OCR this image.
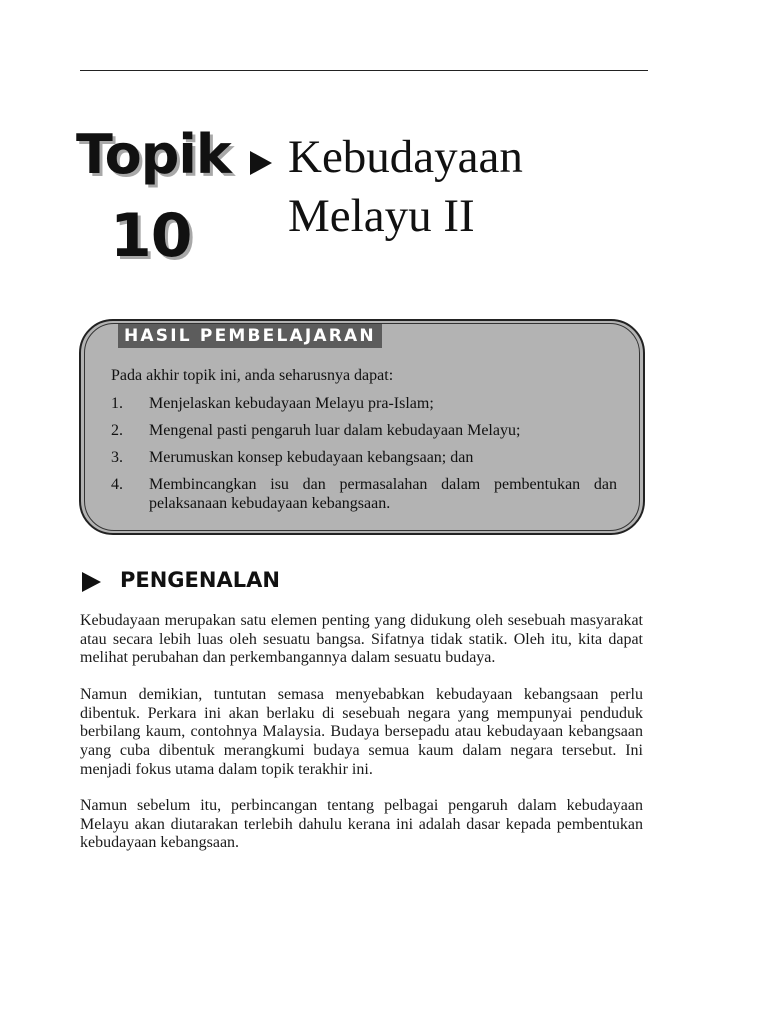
Topik
10
Kebudayaan
Melayu II
HASIL PEMBELAJARAN
Pada akhir topik ini, anda seharusnya dapat:
1. Menjelaskan kebudayaan Melayu pra-Islam;
2. Mengenal pasti pengaruh luar dalam kebudayaan Melayu;
3. Merumuskan konsep kebudayaan kebangsaan; dan
4. Membincangkan isu dan permasalahan dalam pembentukan dan pelaksanaan kebudayaan kebangsaan.
PENGENALAN

Kebudayaan merupakan satu elemen penting yang didukung oleh sesebuah masyarakat atau secara lebih luas oleh sesuatu bangsa. Sifatnya tidak statik. Oleh itu, kita dapat melihat perubahan dan perkembangannya dalam sesuatu budaya.

Namun demikian, tuntutan semasa menyebabkan kebudayaan kebangsaan perlu dibentuk. Perkara ini akan berlaku di sesebuah negara yang mempunyai penduduk berbilang kaum, contohnya Malaysia. Budaya bersepadu atau kebudayaan kebangsaan yang cuba dibentuk merangkumi budaya semua kaum dalam negara tersebut. Ini menjadi fokus utama dalam topik terakhir ini.

Namun sebelum itu, perbincangan tentang pelbagai pengaruh dalam kebudayaan Melayu akan diutarakan terlebih dahulu kerana ini adalah dasar kepada pembentukan kebudayaan kebangsaan.
